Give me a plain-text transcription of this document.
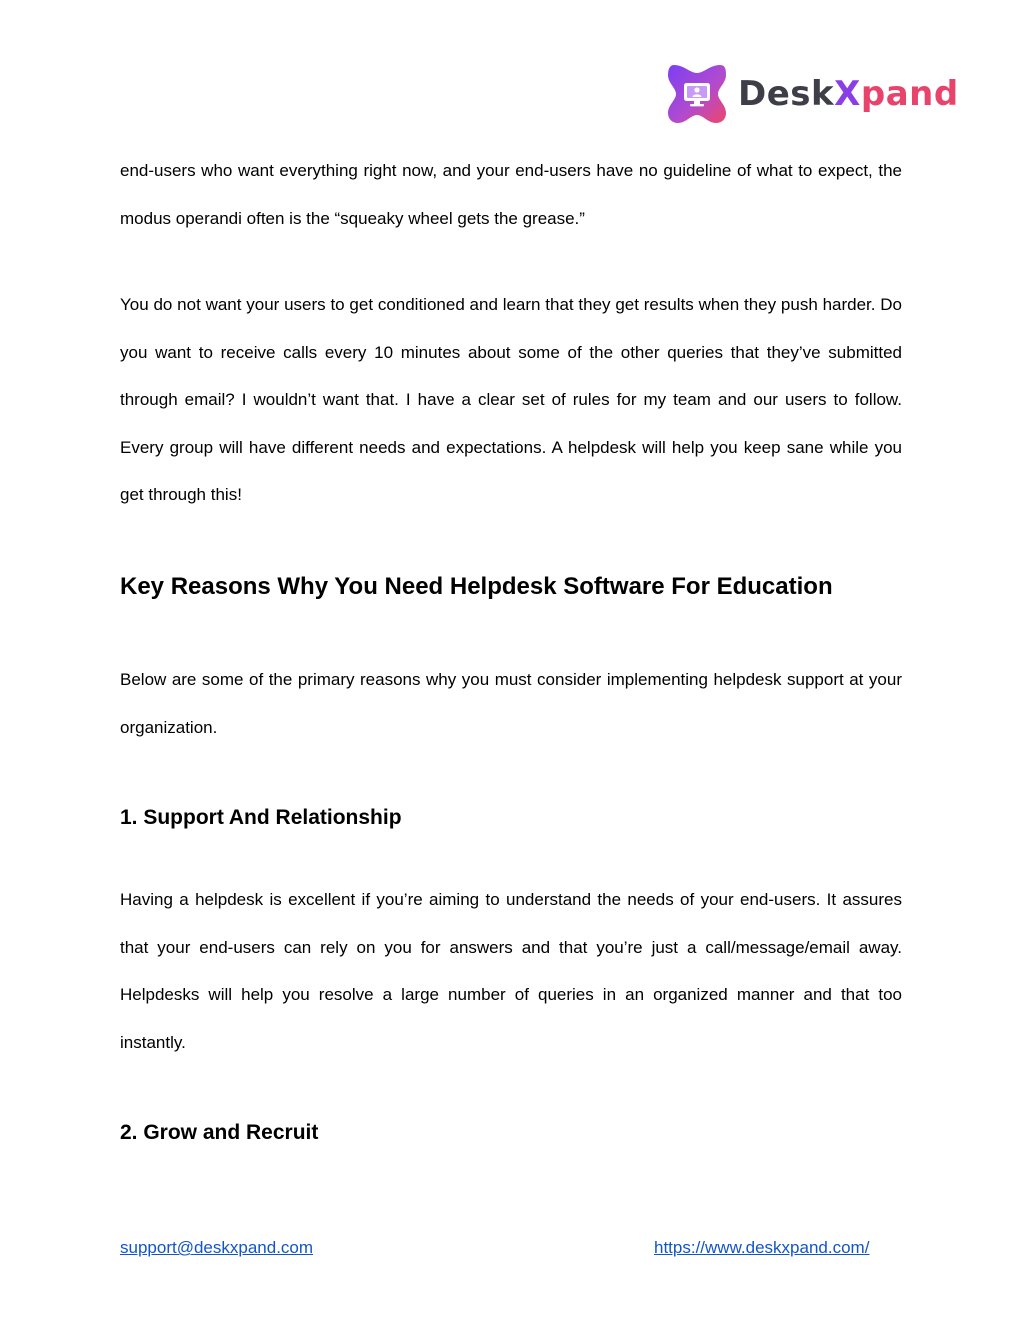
DeskXpand

end-users who want everything right now, and your end-users have no guideline of what to expect, the modus operandi often is the “squeaky wheel gets the grease.”

You do not want your users to get conditioned and learn that they get results when they push harder. Do you want to receive calls every 10 minutes about some of the other queries that they’ve submitted through email? I wouldn’t want that. I have a clear set of rules for my team and our users to follow. Every group will have different needs and expectations. A helpdesk will help you keep sane while you get through this!

Key Reasons Why You Need Helpdesk Software For Education

Below are some of the primary reasons why you must consider implementing helpdesk support at your organization.

1. Support And Relationship

Having a helpdesk is excellent if you’re aiming to understand the needs of your end-users. It assures that your end-users can rely on you for answers and that you’re just a call/message/email away. Helpdesks will help you resolve a large number of queries in an organized manner and that too instantly.

2. Grow and Recruit
support@deskxpand.com	https://www.deskxpand.com/
